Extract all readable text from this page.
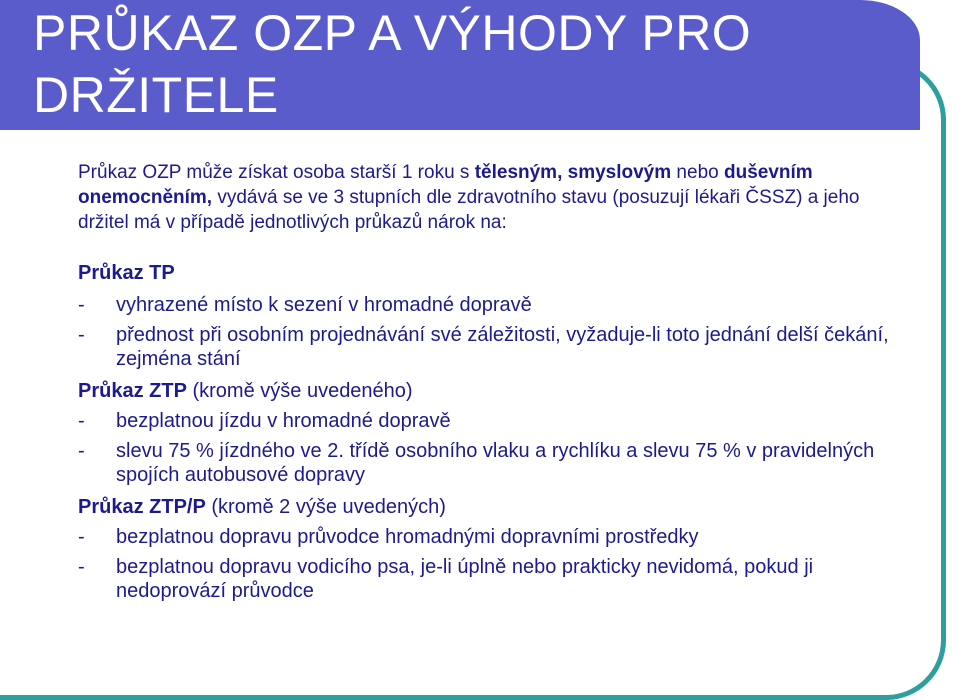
PRŮKAZ OZP A VÝHODY PRO DRŽITELE

Průkaz OZP může získat osoba starší 1 roku s tělesným, smyslovým nebo duševním onemocněním, vydává se ve 3 stupních dle zdravotního stavu (posuzují lékaři ČSSZ) a jeho držitel má v případě jednotlivých průkazů nárok na:

Průkaz TP

- vyhrazené místo k sezení v hromadné dopravě

- přednost při osobním projednávání své záležitosti, vyžaduje-li toto jednání delší čekání, zejména stání

Průkaz ZTP (kromě výše uvedeného)

- bezplatnou jízdu v hromadné dopravě

- slevu 75 % jízdného ve 2. třídě osobního vlaku a rychlíku a slevu 75 % v pravidelných spojích autobusové dopravy

Průkaz ZTP/P (kromě 2 výše uvedených)

- bezplatnou dopravu průvodce hromadnými dopravními prostředky

- bezplatnou dopravu vodicího psa, je-li úplně nebo prakticky nevidomá, pokud ji nedoprovází průvodce
